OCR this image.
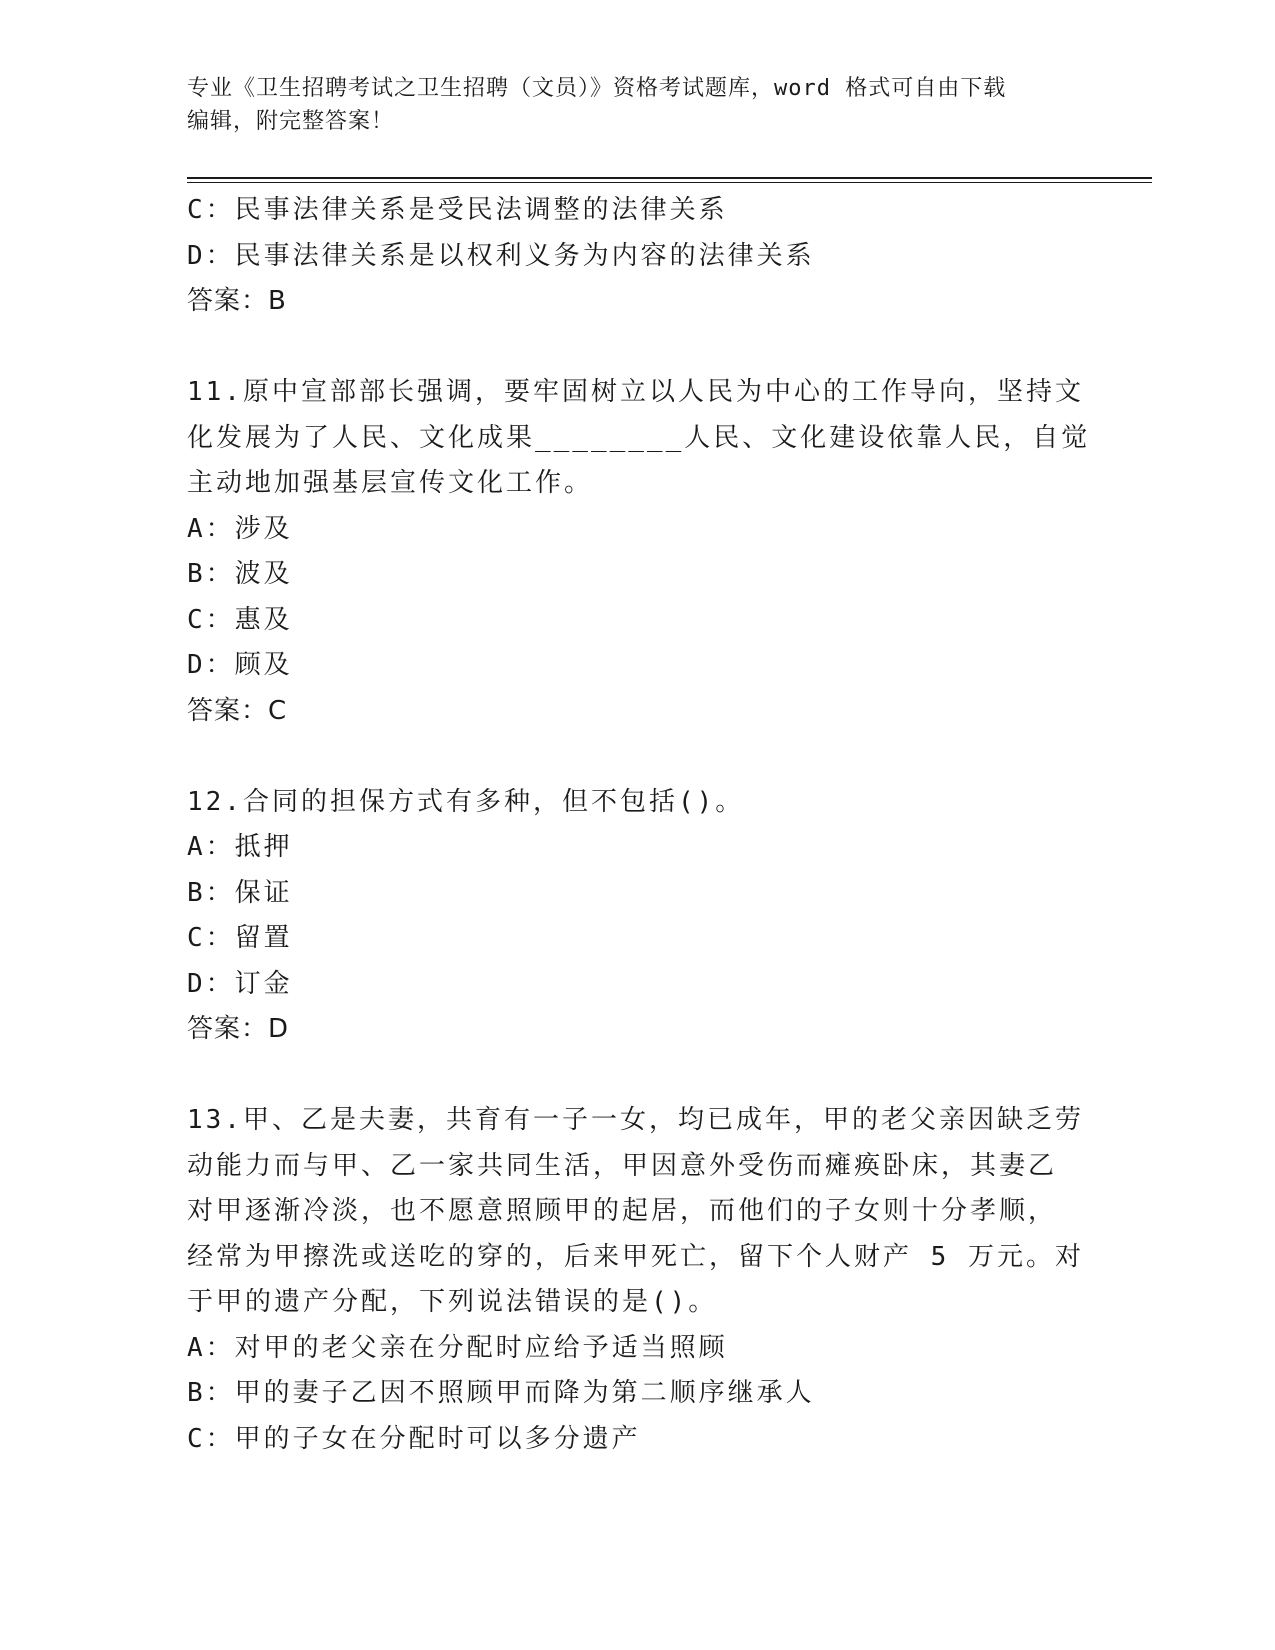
专业《卫生招聘考试之卫生招聘（文员）》资格考试题库，word 格式可自由下载
编辑，附完整答案！
C：民事法律关系是受民法调整的法律关系
D：民事法律关系是以权利义务为内容的法律关系
答案：B
11.原中宣部部长强调，要牢固树立以人民为中心的工作导向，坚持文
化发展为了人民、文化成果________人民、文化建设依靠人民，自觉
主动地加强基层宣传文化工作。
A：涉及
B：波及
C：惠及
D：顾及
答案：C
12.合同的担保方式有多种，但不包括()。
A：抵押
B：保证
C：留置
D：订金
答案：D
13.甲、乙是夫妻，共育有一子一女，均已成年，甲的老父亲因缺乏劳
动能力而与甲、乙一家共同生活，甲因意外受伤而瘫痪卧床，其妻乙
对甲逐渐冷淡，也不愿意照顾甲的起居，而他们的子女则十分孝顺，
经常为甲擦洗或送吃的穿的，后来甲死亡，留下个人财产 5 万元。对
于甲的遗产分配，下列说法错误的是()。
A：对甲的老父亲在分配时应给予适当照顾
B：甲的妻子乙因不照顾甲而降为第二顺序继承人
C：甲的子女在分配时可以多分遗产
